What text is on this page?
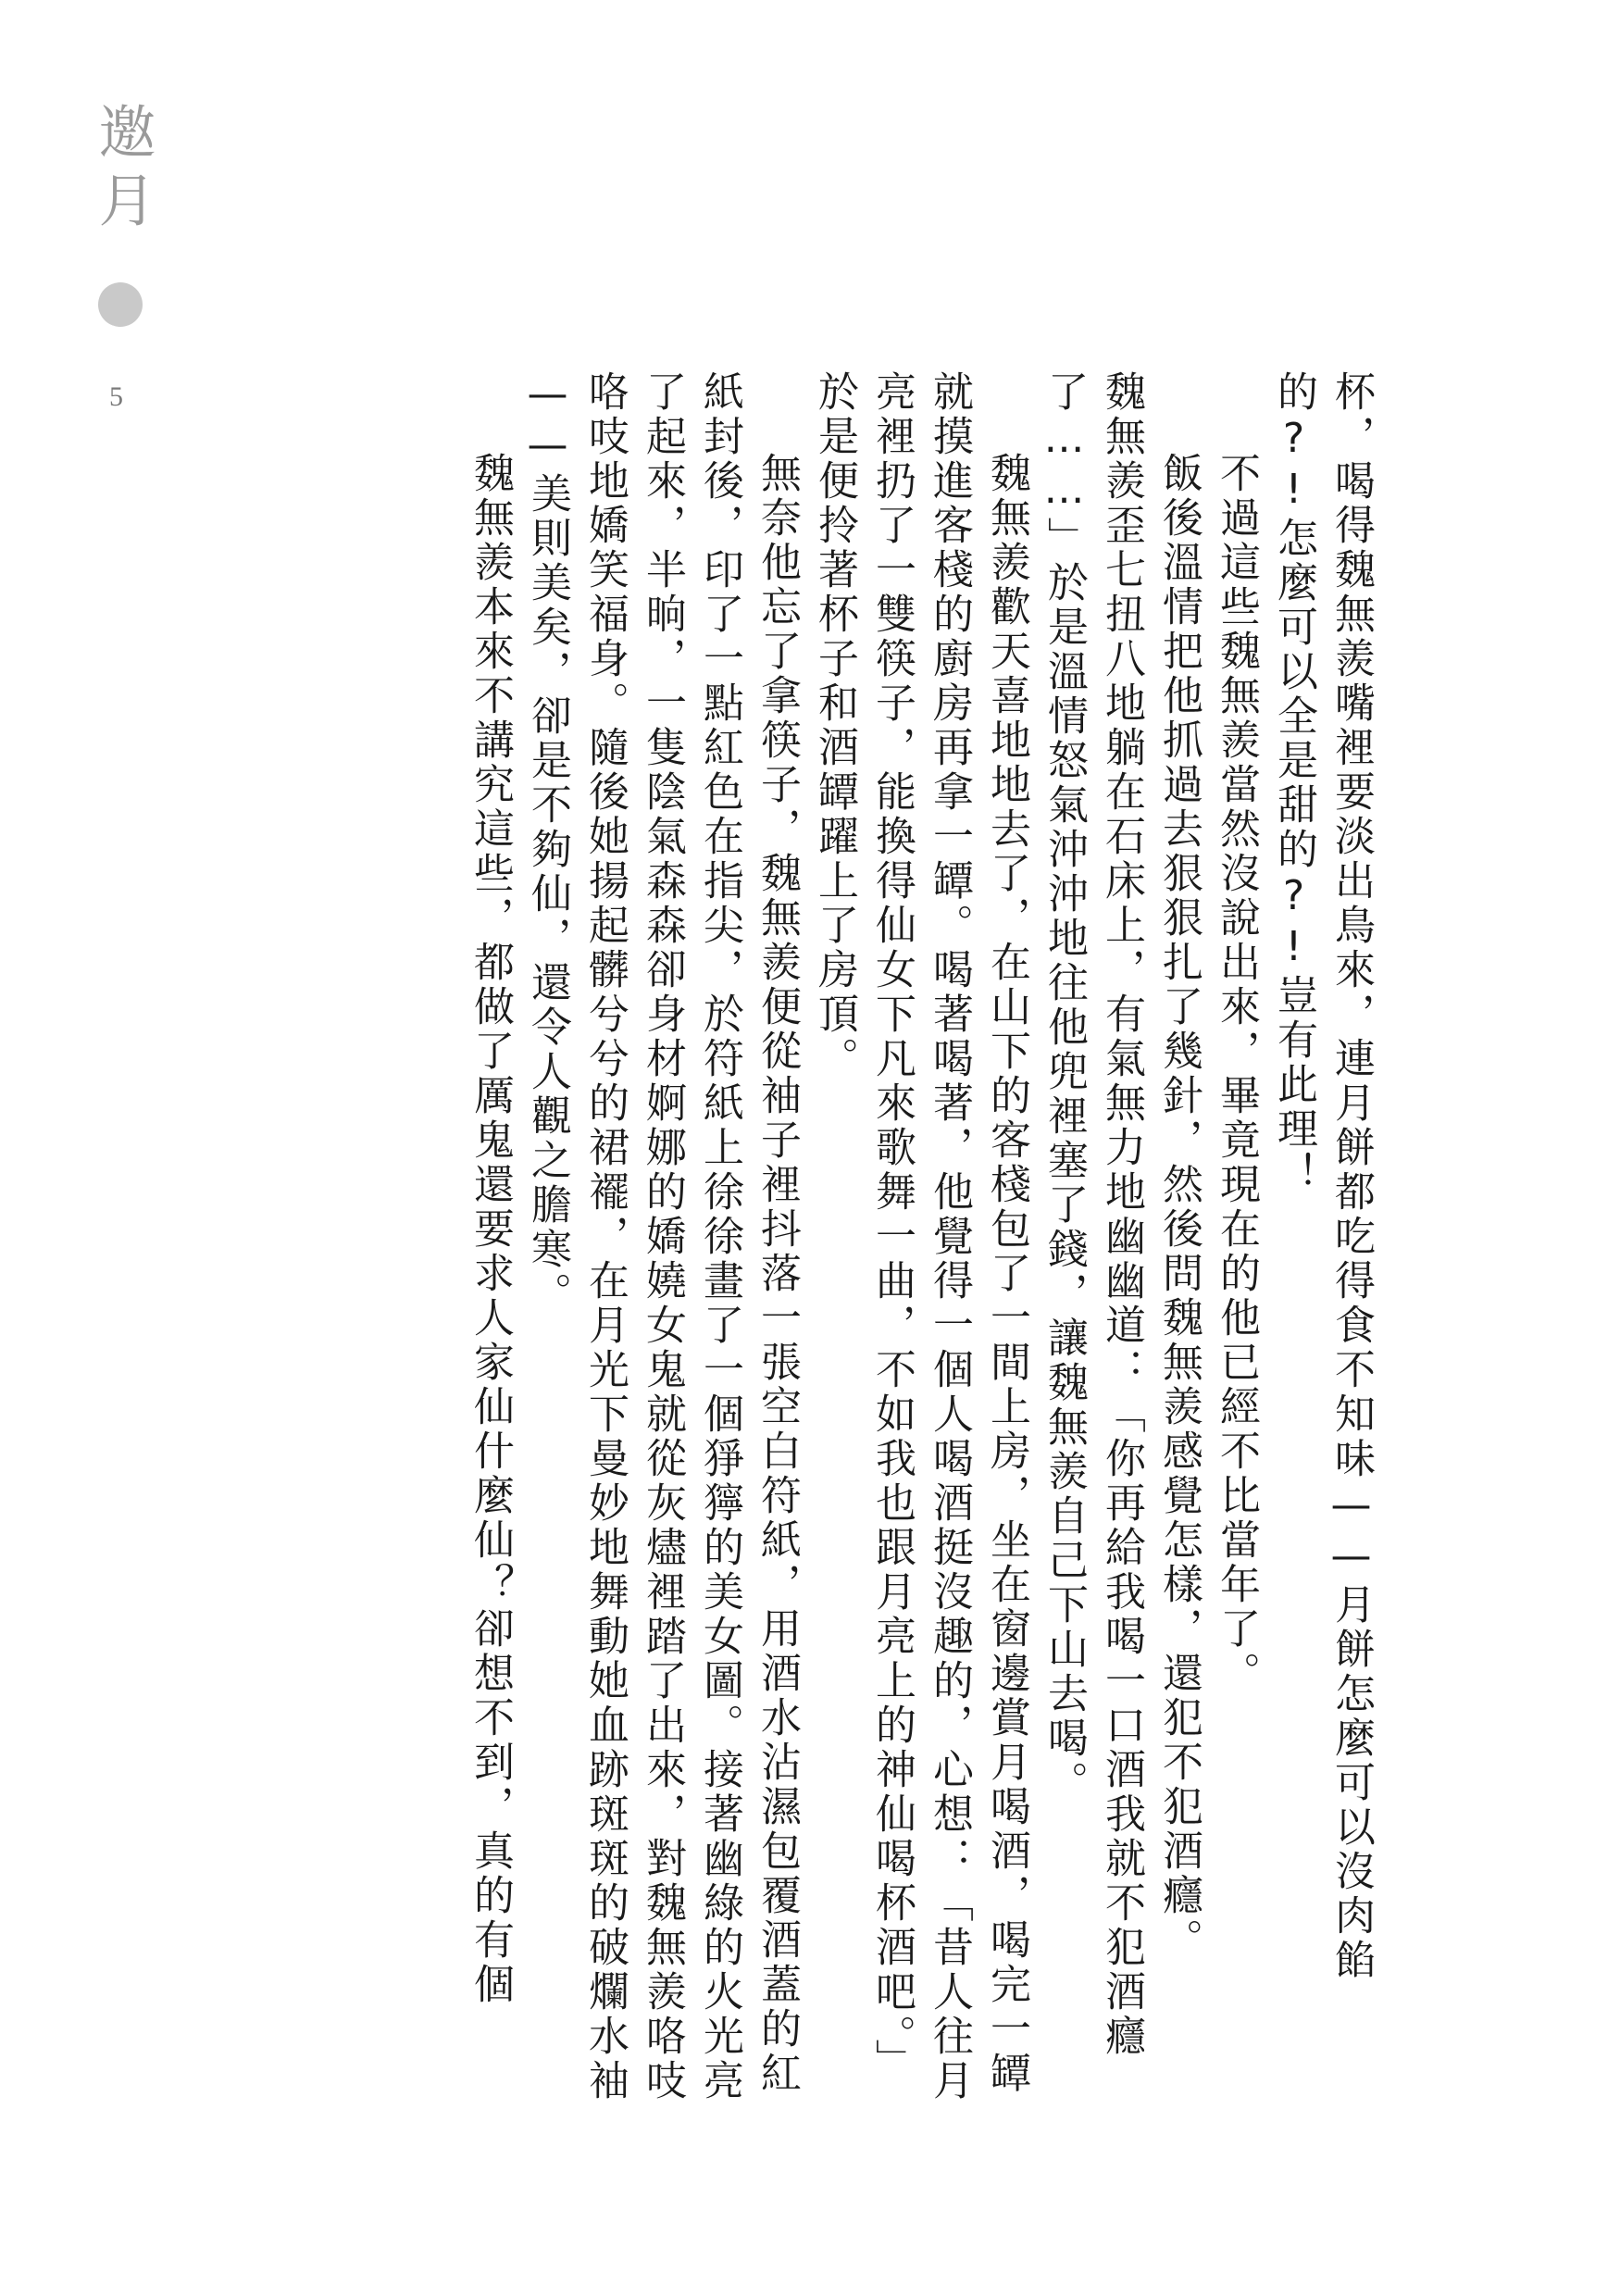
邀月
5	杯，喝得魏無羨嘴裡要淡出鳥來，連月餅都吃得食不知味——月餅怎麼可以沒肉餡的?!怎麼可以全是甜的?!豈有此理！

不過這些魏無羨當然沒說出來，畢竟現在的他已經不比當年了。

飯後溫情把他抓過去狠狠扎了幾針，然後問魏無羨感覺怎樣，還犯不犯酒癮。

魏無羨歪七扭八地躺在石床上，有氣無力地幽幽道：「你再給我喝一口酒我就不犯酒癮了……」於是溫情怒氣沖沖地往他兜裡塞了錢，讓魏無羨自己下山去喝。

魏無羨歡天喜地地去了，在山下的客棧包了一間上房，坐在窗邊賞月喝酒，喝完一罈就摸進客棧的廚房再拿一罈。喝著喝著，他覺得一個人喝酒挺沒趣的，心想：「昔人往月亮裡扔了一雙筷子，能換得仙女下凡來歌舞一曲，不如我也跟月亮上的神仙喝杯酒吧。」於是便拎著杯子和酒罈躍上了房頂。

無奈他忘了拿筷子，魏無羨便從袖子裡抖落一張空白符紙，用酒水沾濕包覆酒蓋的紅紙封後，印了一點紅色在指尖，於符紙上徐徐畫了一個猙獰的美女圖。接著幽綠的火光亮了起來，半晌，一隻陰氣森森卻身材婀娜的嬌嬈女鬼就從灰燼裡踏了出來，對魏無羨咯吱咯吱地嬌笑福身。隨後她揚起髒兮兮的裙襬，在月光下曼妙地舞動她血跡斑斑的破爛水袖——美則美矣，卻是不夠仙，還令人觀之膽寒。

魏無羨本來不講究這些，都做了厲鬼還要求人家仙什麼仙？卻想不到，真的有個
